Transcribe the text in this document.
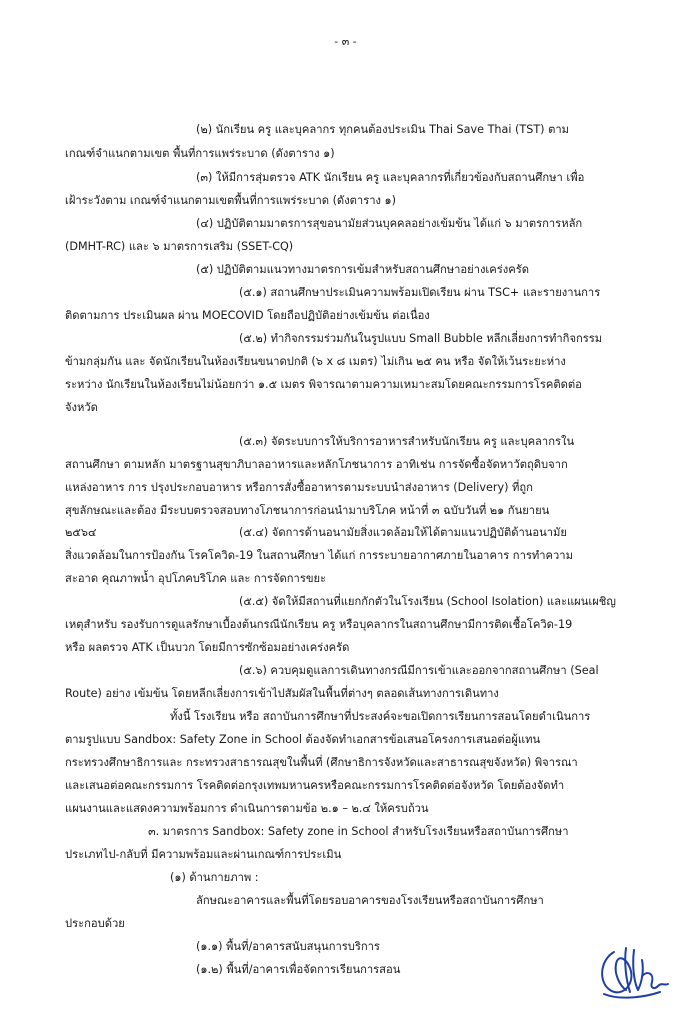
- ๓ -
(๒) นักเรียน ครู และบุคลากร ทุกคนต้องประเมิน Thai Save Thai (TST) ตาม
เกณฑ์จำแนกตามเขต พื้นที่การแพร่ระบาด (ดังตาราง ๑)
(๓) ให้มีการสุ่มตรวจ ATK นักเรียน ครู และบุคลากรที่เกี่ยวข้องกับสถานศึกษา เพื่อ
เฝ้าระวังตาม เกณฑ์จำแนกตามเขตพื้นที่การแพร่ระบาด (ดังตาราง ๑)
(๔) ปฏิบัติตามมาตรการสุขอนามัยส่วนบุคคลอย่างเข้มข้น ได้แก่ ๖ มาตรการหลัก
(DMHT-RC) และ ๖ มาตรการเสริม (SSET-CQ)
(๕) ปฏิบัติตามแนวทางมาตรการเข้มสำหรับสถานศึกษาอย่างเคร่งครัด
(๕.๑) สถานศึกษาประเมินความพร้อมเปิดเรียน ผ่าน TSC+ และรายงานการ
ติดตามการ ประเมินผล ผ่าน MOECOVID โดยถือปฏิบัติอย่างเข้มข้น ต่อเนื่อง
(๕.๒) ทำกิจกรรมร่วมกันในรูปแบบ Small Bubble หลีกเลี่ยงการทำกิจกรรม
ข้ามกลุ่มกัน และ จัดนักเรียนในห้องเรียนขนาดปกติ (๖ x ๘ เมตร) ไม่เกิน ๒๕ คน หรือ จัดให้เว้นระยะห่าง
ระหว่าง นักเรียนในห้องเรียนไม่น้อยกว่า ๑.๕ เมตร พิจารณาตามความเหมาะสมโดยคณะกรรมการโรคติดต่อ
จังหวัด
(๕.๓) จัดระบบการให้บริการอาหารสำหรับนักเรียน ครู และบุคลากรใน
สถานศึกษา ตามหลัก มาตรฐานสุขาภิบาลอาหารและหลักโภชนาการ อาทิเช่น การจัดซื้อจัดหาวัตถุดิบจาก
แหล่งอาหาร การ ปรุงประกอบอาหาร หรือการสั่งซื้ออาหารตามระบบนำส่งอาหาร (Delivery) ที่ถูก
สุขลักษณะและต้อง มีระบบตรวจสอบทางโภชนาการก่อนนำมาบริโภค หน้าที่ ๓ ฉบับวันที่ ๒๑ กันยายน
๒๕๖๔	(๕.๔) จัดการด้านอนามัยสิ่งแวดล้อมให้ได้ตามแนวปฏิบัติด้านอนามัย
สิ่งแวดล้อมในการป้องกัน โรคโควิด-19 ในสถานศึกษา ได้แก่ การระบายอากาศภายในอาคาร การทำความ
สะอาด คุณภาพน้ำ อุปโภคบริโภค และ การจัดการขยะ
(๕.๕) จัดให้มีสถานที่แยกกักตัวในโรงเรียน (School Isolation) และแผนเผชิญ
เหตุสำหรับ รองรับการดูแลรักษาเบื้องต้นกรณีนักเรียน ครู หรือบุคลากรในสถานศึกษามีการติดเชื้อโควิด-19
หรือ ผลตรวจ ATK เป็นบวก โดยมีการซักซ้อมอย่างเคร่งครัด
(๕.๖) ควบคุมดูแลการเดินทางกรณีมีการเข้าและออกจากสถานศึกษา (Seal
Route) อย่าง เข้มข้น โดยหลีกเลี่ยงการเข้าไปสัมผัสในพื้นที่ต่างๆ ตลอดเส้นทางการเดินทาง
ทั้งนี้ โรงเรียน หรือ สถาบันการศึกษาที่ประสงค์จะขอเปิดการเรียนการสอนโดยดำเนินการ
ตามรูปแบบ Sandbox: Safety Zone in School ต้องจัดทำเอกสารข้อเสนอโครงการเสนอต่อผู้แทน
กระทรวงศึกษาธิการและ กระทรวงสาธารณสุขในพื้นที่ (ศึกษาธิการจังหวัดและสาธารณสุขจังหวัด) พิจารณา
และเสนอต่อคณะกรรมการ โรคติดต่อกรุงเทพมหานครหรือคณะกรรมการโรคติดต่อจังหวัด โดยต้องจัดทำ
แผนงานและแสดงความพร้อมการ ดำเนินการตามข้อ ๒.๑ – ๒.๔ ให้ครบถ้วน
๓. มาตรการ Sandbox: Safety zone in School สำหรับโรงเรียนหรือสถาบันการศึกษา
ประเภทไป-กลับที่ มีความพร้อมและผ่านเกณฑ์การประเมิน
(๑) ด้านกายภาพ :
ลักษณะอาคารและพื้นที่โดยรอบอาคารของโรงเรียนหรือสถาบันการศึกษา
ประกอบด้วย
(๑.๑) พื้นที่/อาคารสนับสนุนการบริการ
(๑.๒) พื้นที่/อาคารเพื่อจัดการเรียนการสอน
